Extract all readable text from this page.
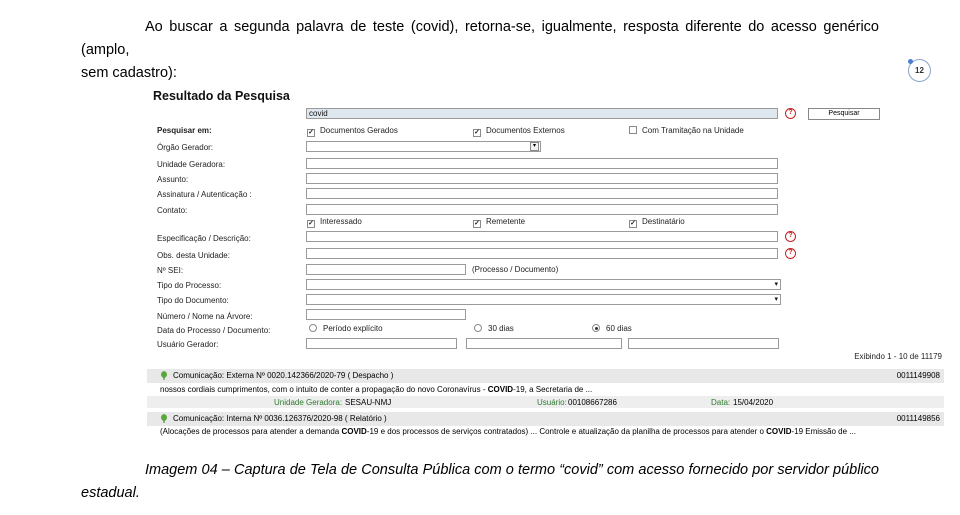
Ao buscar a segunda palavra de teste (covid), retorna-se, igualmente, resposta diferente do acesso genérico (amplo,
sem cadastro):	12
Resultado da Pesquisa
covid	?	Pesquisar
Pesquisar em:	✓ Documentos Gerados	✓ Documentos Externos	Com Tramitação na Unidade
Órgão Gerador:	▾
Unidade Geradora:
Assunto:
Assinatura / Autenticação :
Contato:
✓ Interessado	✓ Remetente	✓ Destinatário
Especificação / Descrição:	?
Obs. desta Unidade:	?
Nº SEI:	(Processo / Documento)
Tipo do Processo:	▾
Tipo do Documento:	▾
Número / Nome na Árvore:
Data do Processo / Documento:	Período explícito	30 dias	60 dias
Usuário Gerador:
Exibindo 1 - 10 de 11179
Comunicação: Externa Nº 0020.142366/2020-79 ( Despacho )	0011149908
nossos cordiais cumprimentos, com o intuito de conter a propagação do novo Coronavírus - COVID-19, a Secretaria de ...
Unidade Geradora: SESAU-NMJ	Usuário: 00108667286	Data: 15/04/2020
Comunicação: Interna Nº 0036.126376/2020-98 ( Relatório )	0011149856
(Alocações de processos para atender a demanda COVID-19 e dos processos de serviços contratados) ... Controle e atualização da planilha de processos para atender o COVID-19 Emissão de ...
Imagem 04 – Captura de Tela de Consulta Pública com o termo “covid” com acesso fornecido por servidor público
estadual.
